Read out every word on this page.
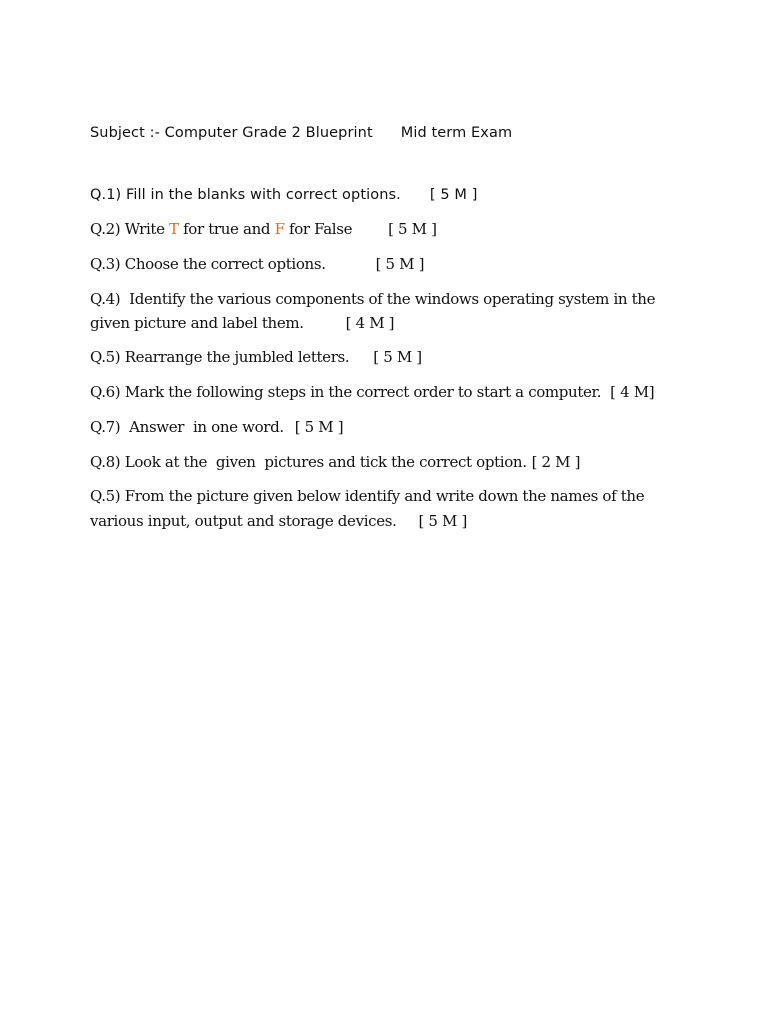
Subject :- Computer Grade 2 Blueprint Mid term Exam
Q.1) Fill in the blanks with correct options. [ 5 M ]
Q.2) Write T for true and F for False [ 5 M ]
Q.3) Choose the correct options.	[ 5 M ]
Q.4)  Identify the various components of the windows operating system in the
given picture and label them.	[ 4 M ]
Q.5) Rearrange the jumbled letters. [ 5 M ]
Q.6) Mark the following steps in the correct order to start a computer. [ 4 M]
Q.7)  Answer  in one word. [ 5 M ]
Q.8) Look at the  given  pictures and tick the correct option. [ 2 M ]
Q.5) From the picture given below identify and write down the names of the
various input, output and storage devices. [ 5 M ]
